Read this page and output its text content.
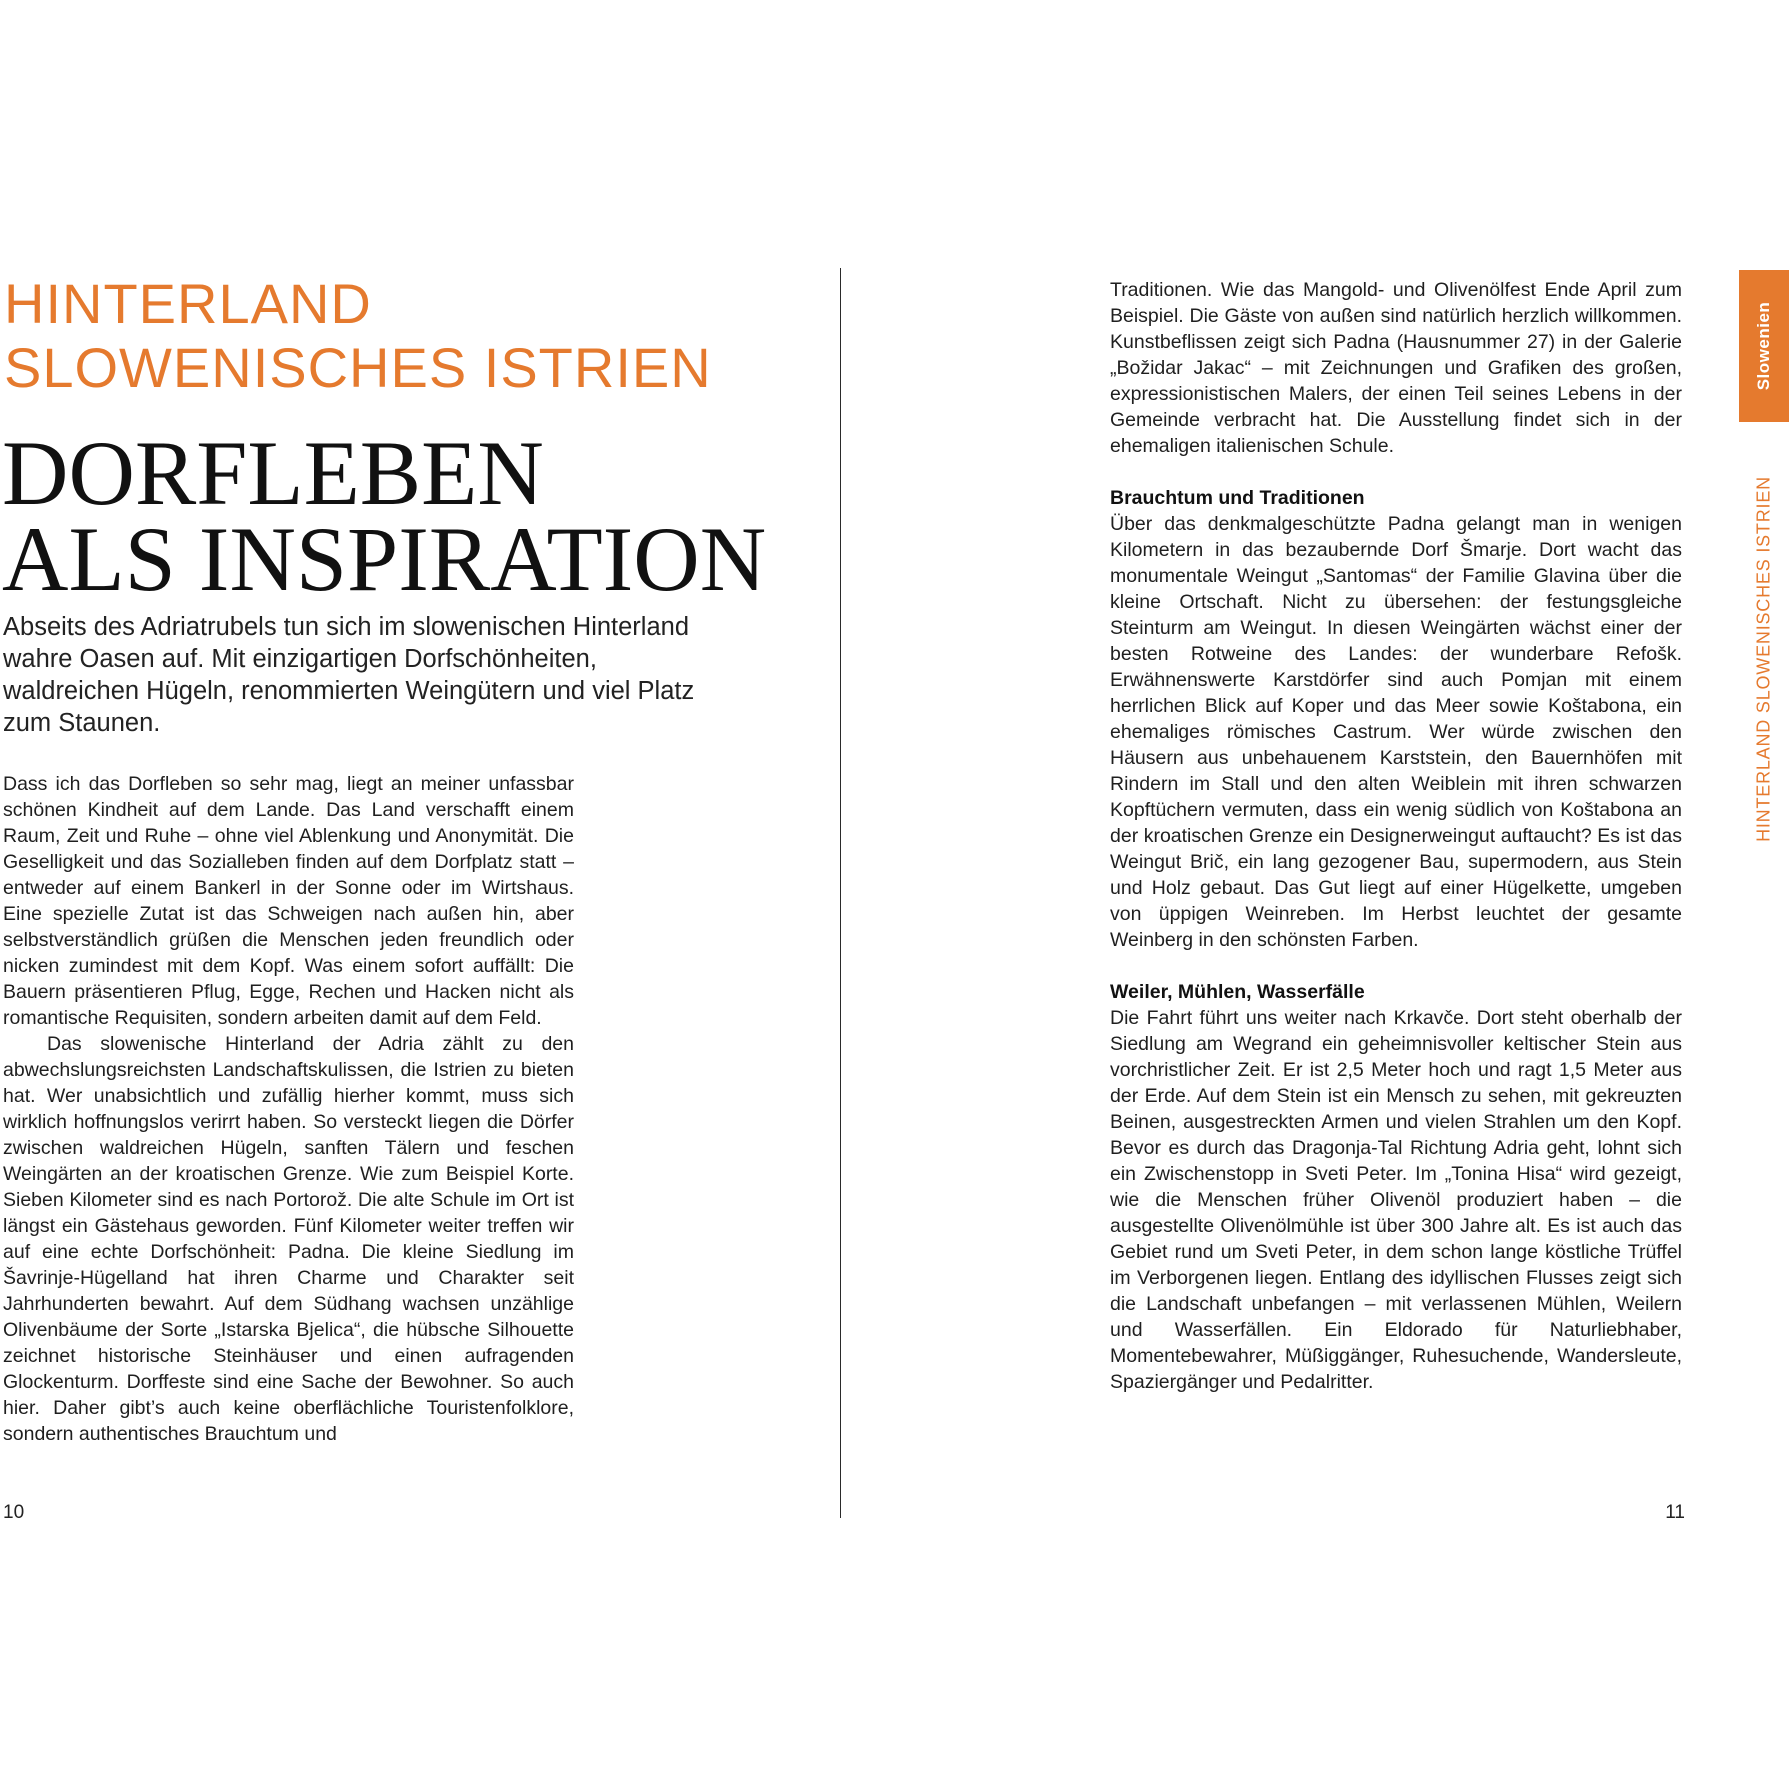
HINTERLAND
SLOWENISCHES ISTRIEN
DORFLEBEN
ALS INSPIRATION

Abseits des Adriatrubels tun sich im slowenischen Hinterland wahre Oasen auf. Mit einzigartigen Dorfschönheiten, waldreichen Hügeln, renommierten Weingütern und viel Platz zum Staunen.

Dass ich das Dorfleben so sehr mag, liegt an meiner unfassbar schönen Kindheit auf dem Lande. Das Land verschafft einem Raum, Zeit und Ruhe – ohne viel Ablenkung und Anonymität. Die Geselligkeit und das Sozialleben finden auf dem Dorfplatz statt – entweder auf einem Bankerl in der Sonne oder im Wirtshaus. Eine spezielle Zutat ist das Schweigen nach außen hin, aber selbstverständlich grüßen die Menschen jeden freundlich oder nicken zumindest mit dem Kopf. Was einem sofort auffällt: Die Bauern präsentieren Pflug, Egge, Rechen und Hacken nicht als romantische Requisiten, sondern arbeiten damit auf dem Feld.

Das slowenische Hinterland der Adria zählt zu den abwechslungsreichsten Landschaftskulissen, die Istrien zu bieten hat. Wer unabsichtlich und zufällig hierher kommt, muss sich wirklich hoffnungslos verirrt haben. So versteckt liegen die Dörfer zwischen waldreichen Hügeln, sanften Tälern und feschen Weingärten an der kroatischen Grenze. Wie zum Beispiel Korte. Sieben Kilometer sind es nach Portorož. Die alte Schule im Ort ist längst ein Gästehaus geworden. Fünf Kilometer weiter treffen wir auf eine echte Dorfschönheit: Padna. Die kleine Siedlung im Šavrinje-Hügelland hat ihren Charme und Charakter seit Jahrhunderten bewahrt. Auf dem Südhang wachsen unzählige Olivenbäume der Sorte „Istarska Bjelica“, die hübsche Silhouette zeichnet historische Steinhäuser und einen aufragenden Glockenturm. Dorffeste sind eine Sache der Bewohner. So auch hier. Daher gibt’s auch keine oberflächliche Touristenfolklore, sondern authentisches Brauchtum und

10

Traditionen. Wie das Mangold- und Olivenölfest Ende April zum Beispiel. Die Gäste von außen sind natürlich herzlich willkommen. Kunstbeflissen zeigt sich Padna (Hausnummer 27) in der Galerie „Božidar Jakac“ – mit Zeichnungen und Grafiken des großen, expressionistischen Malers, der einen Teil seines Lebens in der Gemeinde verbracht hat. Die Ausstellung findet sich in der ehemaligen italienischen Schule.

Brauchtum und Traditionen

Über das denkmalgeschützte Padna gelangt man in wenigen Kilometern in das bezaubernde Dorf Šmarje. Dort wacht das monumentale Weingut „Santomas“ der Familie Glavina über die kleine Ortschaft. Nicht zu übersehen: der festungsgleiche Steinturm am Weingut. In diesen Weingärten wächst einer der besten Rotweine des Landes: der wunderbare Refošk. Erwähnenswerte Karstdörfer sind auch Pomjan mit einem herrlichen Blick auf Koper und das Meer sowie Koštabona, ein ehemaliges römisches Castrum. Wer würde zwischen den Häusern aus unbehauenem Karststein, den Bauernhöfen mit Rindern im Stall und den alten Weiblein mit ihren schwarzen Kopftüchern vermuten, dass ein wenig südlich von Koštabona an der kroatischen Grenze ein Designerweingut auftaucht? Es ist das Weingut Brič, ein lang gezogener Bau, supermodern, aus Stein und Holz gebaut. Das Gut liegt auf einer Hügelkette, umgeben von üppigen Weinreben. Im Herbst leuchtet der gesamte Weinberg in den schönsten Farben.

Weiler, Mühlen, Wasserfälle

Die Fahrt führt uns weiter nach Krkavče. Dort steht oberhalb der Siedlung am Wegrand ein geheimnisvoller keltischer Stein aus vorchristlicher Zeit. Er ist 2,5 Meter hoch und ragt 1,5 Meter aus der Erde. Auf dem Stein ist ein Mensch zu sehen, mit gekreuzten Beinen, ausgestreckten Armen und vielen Strahlen um den Kopf. Bevor es durch das Dragonja-Tal Richtung Adria geht, lohnt sich ein Zwischenstopp in Sveti Peter. Im „Tonina Hisa“ wird gezeigt, wie die Menschen früher Olivenöl produziert haben – die ausgestellte Olivenölmühle ist über 300 Jahre alt. Es ist auch das Gebiet rund um Sveti Peter, in dem schon lange köstliche Trüffel im Verborgenen liegen. Entlang des idyllischen Flusses zeigt sich die Landschaft unbefangen – mit verlassenen Mühlen, Weilern und Wasserfällen. Ein Eldorado für Naturliebhaber, Momentebewahrer, Müßiggänger, Ruhesuchende, Wandersleute, Spaziergänger und Pedalritter.

11
Slowenien
HINTERLAND SLOWENISCHES ISTRIEN
